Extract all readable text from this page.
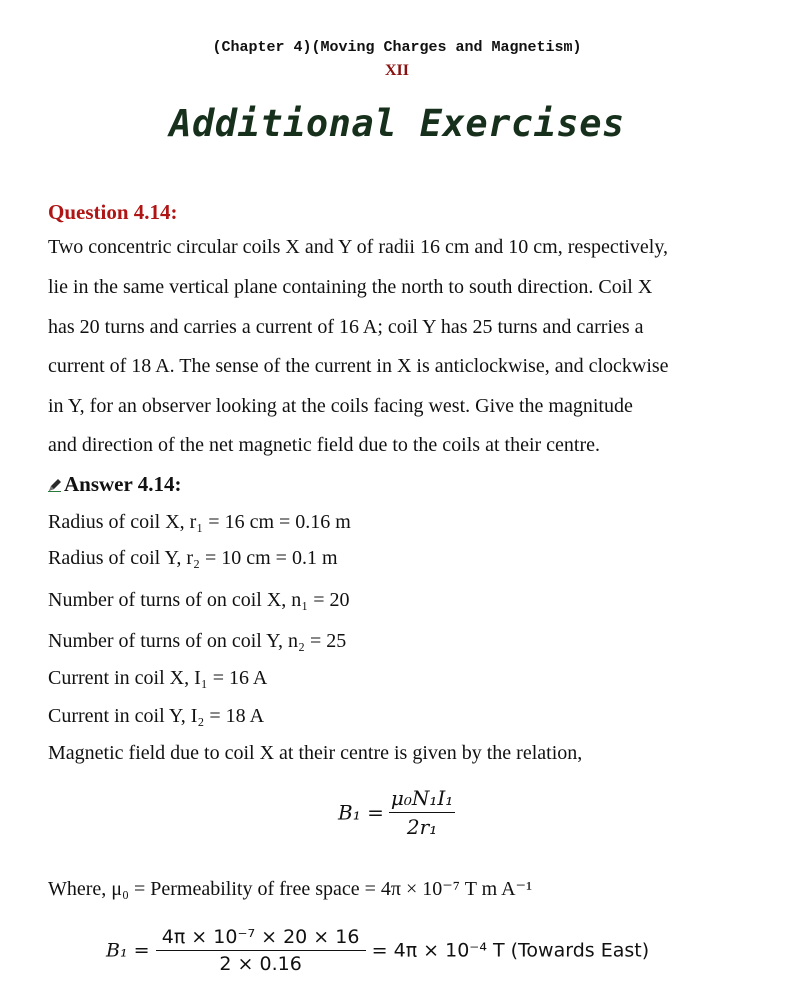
(Chapter 4)(Moving Charges and Magnetism)
XII
Additional Exercises
Question 4.14:
Two concentric circular coils X and Y of radii 16 cm and 10 cm, respectively,
lie in the same vertical plane containing the north to south direction. Coil X
has 20 turns and carries a current of 16 A; coil Y has 25 turns and carries a
current of 18 A. The sense of the current in X is anticlockwise, and clockwise
in Y, for an observer looking at the coils facing west. Give the magnitude
and direction of the net magnetic field due to the coils at their centre.
Answer 4.14:
Radius of coil X, r₁ = 16 cm = 0.16 m
Radius of coil Y, r₂ = 10 cm = 0.1 m
Number of turns of on coil X, n₁ = 20
Number of turns of on coil Y, n₂ = 25
Current in coil X, I₁ = 16 A
Current in coil Y, I₂ = 18 A
Magnetic field due to coil X at their centre is given by the relation,
$B_1 = \frac{\text{μ₀N₁I₁}}{\text{2r₁}}$
Where, μ₀ = Permeability of free space = 4π × 10⁻⁷ T m A⁻¹
$B_1 = \frac{\text{4π × 10⁻⁷ × 20 × 16}}{2 \times 0.16} = 4\pi \times 10^{-4}$ T (Towards East)
